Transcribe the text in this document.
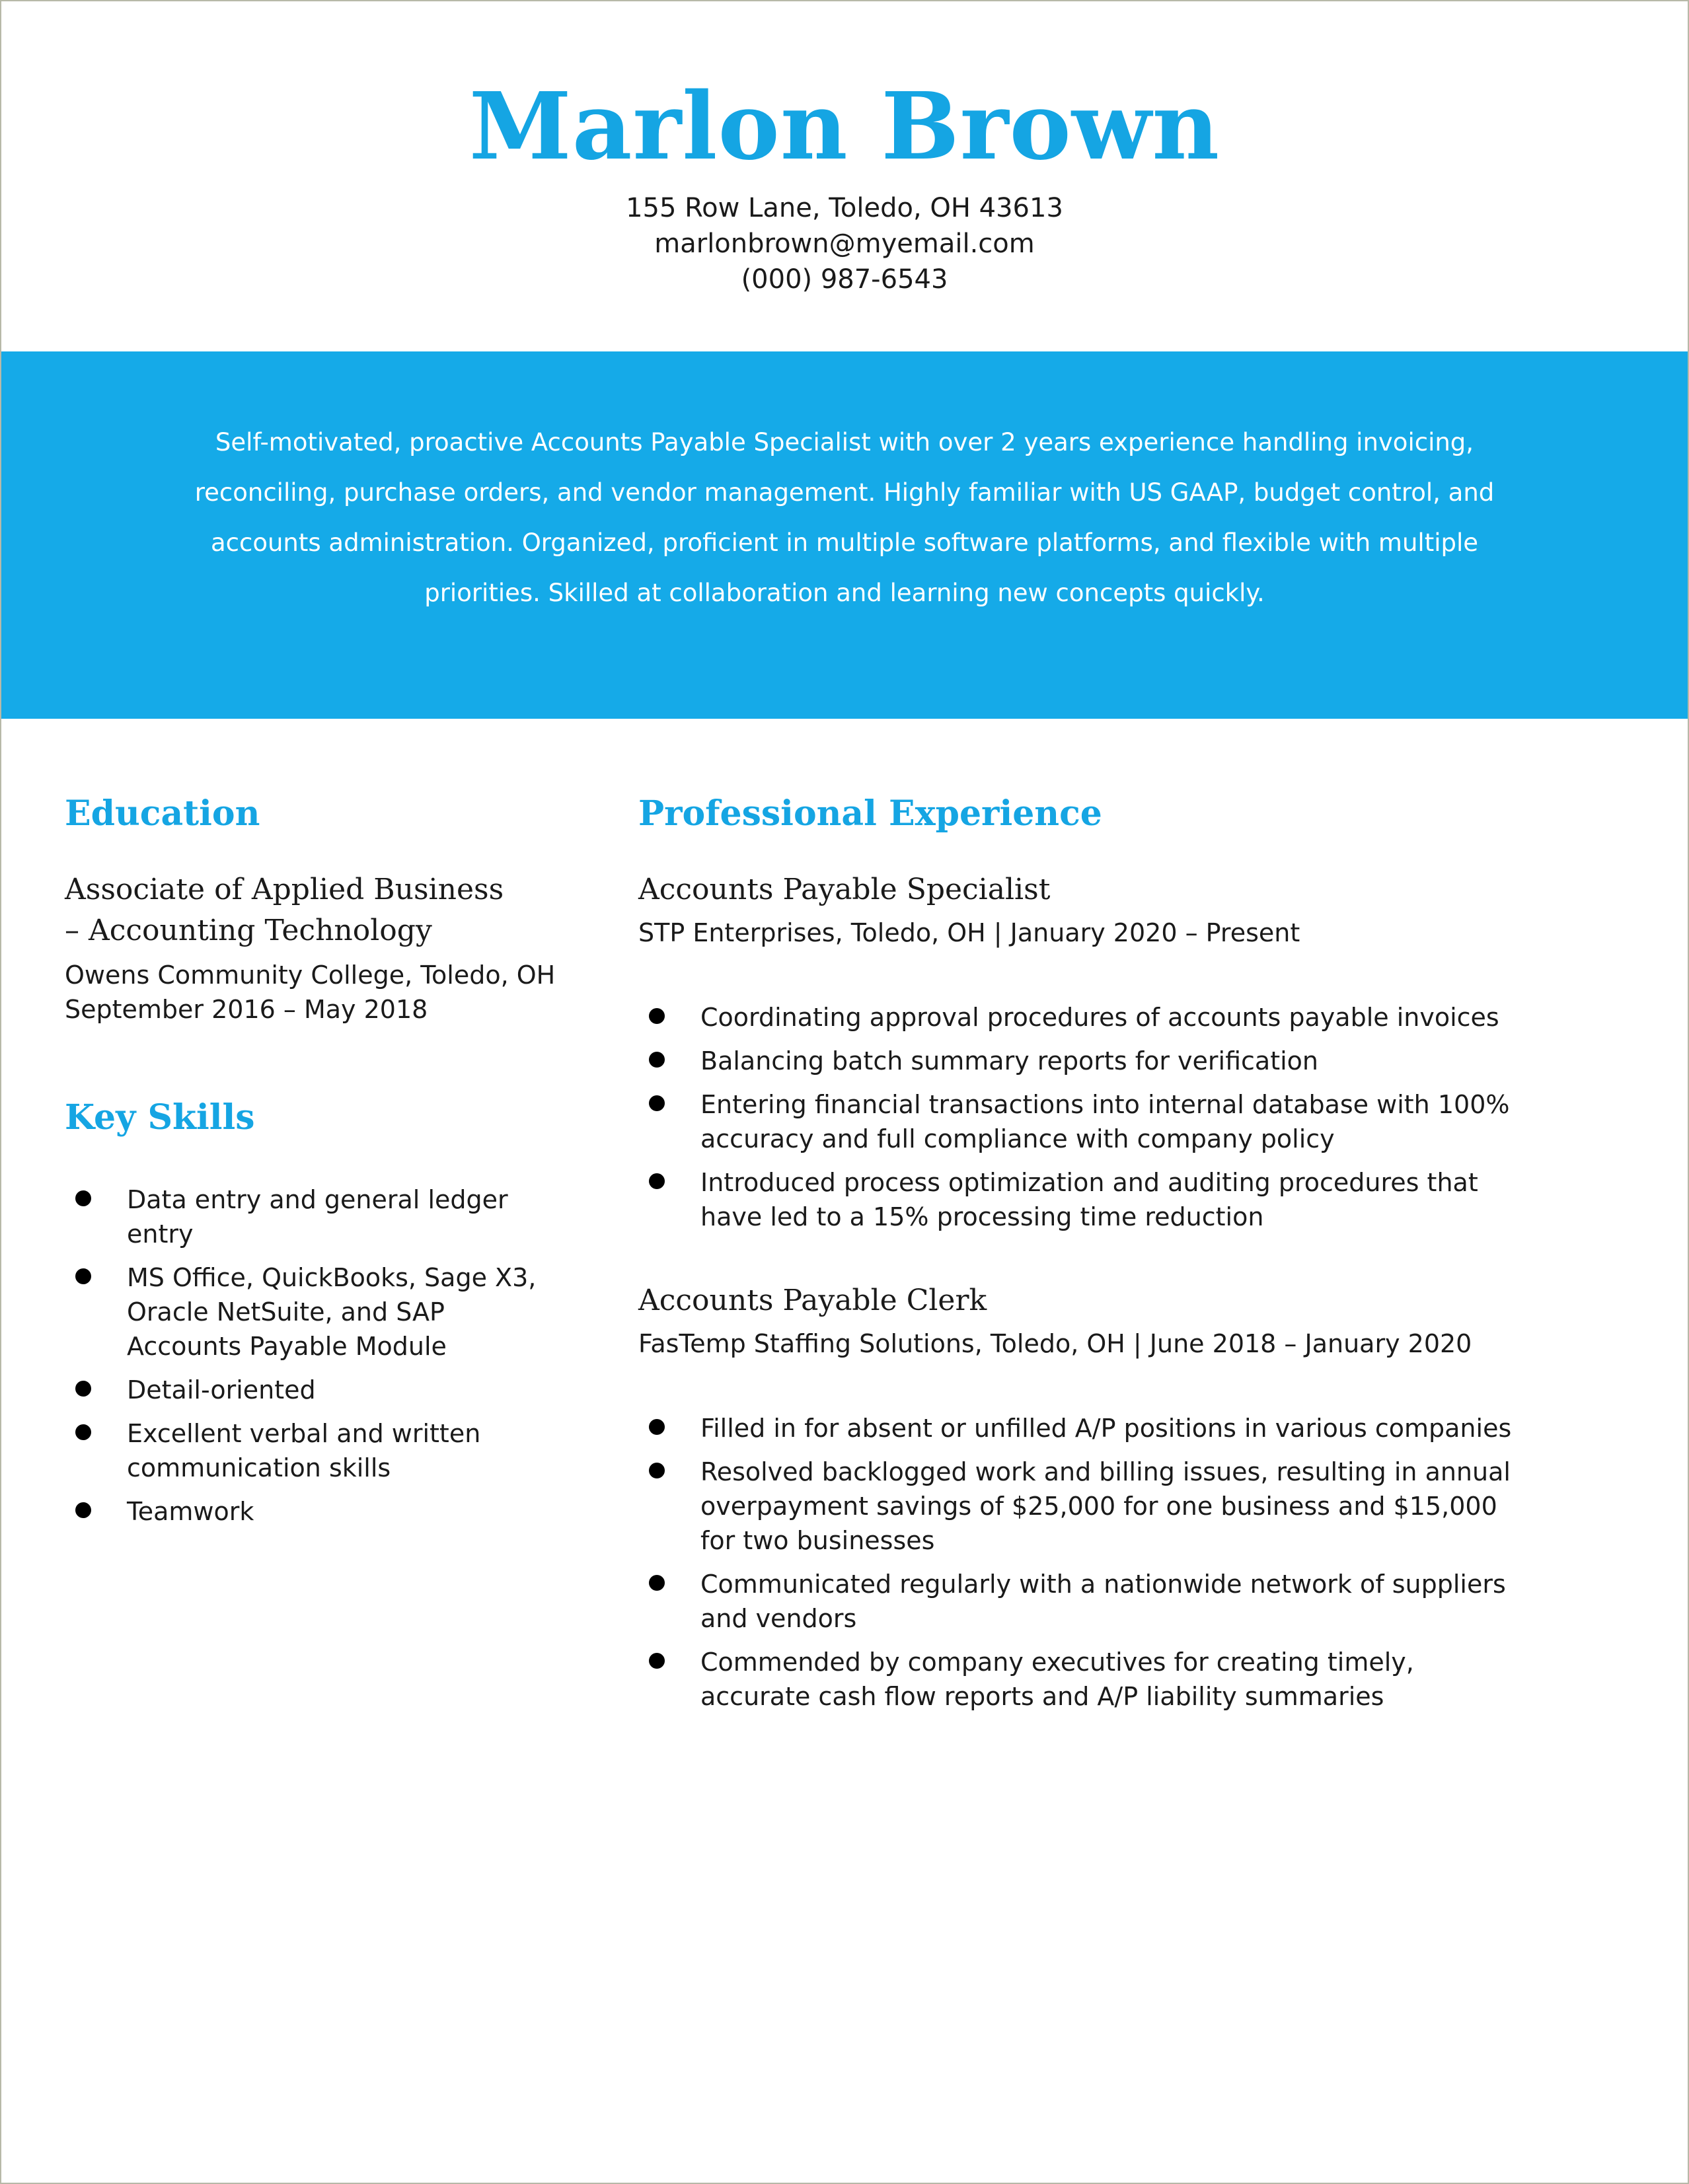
Marlon Brown
155 Row Lane, Toledo, OH 43613
marlonbrown@myemail.com
(000) 987-6543
Self-motivated, proactive Accounts Payable Specialist with over 2 years experience handling invoicing, reconciling, purchase orders, and vendor management. Highly familiar with US GAAP, budget control, and accounts administration. Organized, proficient in multiple software platforms, and flexible with multiple priorities. Skilled at collaboration and learning new concepts quickly.
Education
Associate of Applied Business – Accounting Technology
Owens Community College, Toledo, OH
September 2016 – May 2018
Key Skills
Data entry and general ledger entry
MS Office, QuickBooks, Sage X3, Oracle NetSuite, and SAP Accounts Payable Module
Detail-oriented
Excellent verbal and written communication skills
Teamwork
Professional Experience
Accounts Payable Specialist
STP Enterprises, Toledo, OH | January 2020 – Present
Coordinating approval procedures of accounts payable invoices
Balancing batch summary reports for verification
Entering financial transactions into internal database with 100% accuracy and full compliance with company policy
Introduced process optimization and auditing procedures that have led to a 15% processing time reduction
Accounts Payable Clerk
FasTemp Staffing Solutions, Toledo, OH | June 2018 – January 2020
Filled in for absent or unfilled A/P positions in various companies
Resolved backlogged work and billing issues, resulting in annual overpayment savings of $25,000 for one business and $15,000 for two businesses
Communicated regularly with a nationwide network of suppliers and vendors
Commended by company executives for creating timely, accurate cash flow reports and A/P liability summaries
